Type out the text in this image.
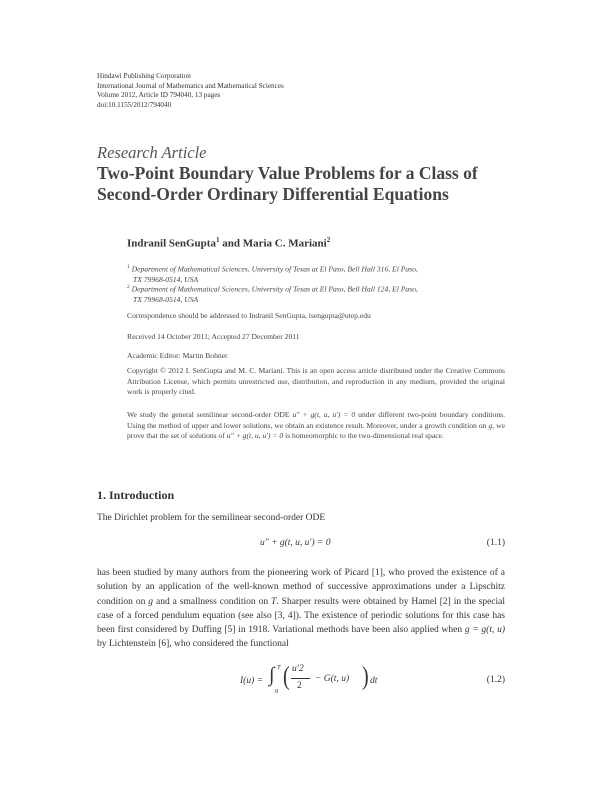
Hindawi Publishing Corporation
International Journal of Mathematics and Mathematical Sciences
Volume 2012, Article ID 794040, 13 pages
doi:10.1155/2012/794040
Research Article
Two-Point Boundary Value Problems for a Class of
Second-Order Ordinary Differential Equations
Indranil SenGupta$^1$ and Maria C. Mariani$^2$
$^1$ Department of Mathematical Sciences, University of Texas at El Paso, Bell Hall 316, El Paso,
TX 79968-0514, USA
$^2$ Department of Mathematical Sciences, University of Texas at El Paso, Bell Hall 124, El Paso,
TX 79968-0514, USA
Correspondence should be addressed to Indranil SenGupta, isengupta@utep.edu
Received 14 October 2011; Accepted 27 December 2011
Academic Editor: Martin Bohner
Copyright © 2012 I. SenGupta and M. C. Mariani. This is an open access article distributed under the Creative Commons Attribution License, which permits unrestricted use, distribution, and reproduction in any medium, provided the original work is properly cited.
We study the general semilinear second-order ODE u″ + g(t, u, u′) = 0 under different two-point boundary conditions. Using the method of upper and lower solutions, we obtain an existence result. Moreover, under a growth condition on g, we prove that the set of solutions of u″ + g(t, u, u′) = 0 is homeomorphic to the two-dimensional real space.
1. Introduction
The Dirichlet problem for the semilinear second-order ODE
u″ + g(t, u, u′) = 0	(1.1)
has been studied by many authors from the pioneering work of Picard [1], who proved the existence of a solution by an application of the well-known method of successive approximations under a Lipschitz condition on g and a smallness condition on T. Sharper results were obtained by Hamel [2] in the special case of a forced pendulum equation (see also [3, 4]). The existence of periodic solutions for this case has been first considered by Duffing [5] in 1918. Variational methods have been also applied when g = g(t, u) by Lichtenstein [6], who considered the functional
I(u) = ∫ T
0
( u′2
2
− G(t, u) ) dt	(1.2)
